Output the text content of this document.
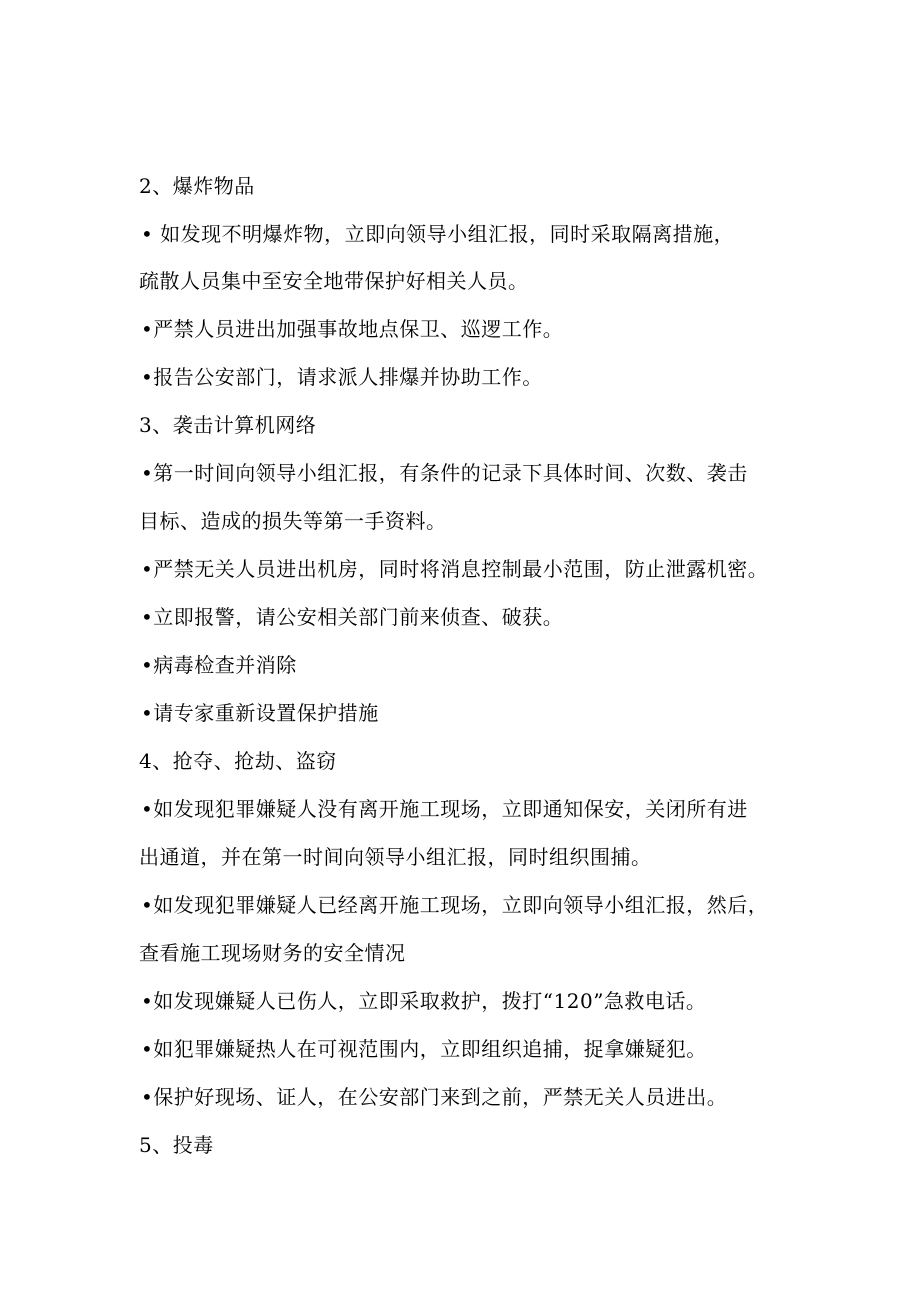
2、爆炸物品
• 如发现不明爆炸物，立即向领导小组汇报，同时采取隔离措施，
疏散人员集中至安全地带保护好相关人员。
•严禁人员进出加强事故地点保卫、巡逻工作。
•报告公安部门，请求派人排爆并协助工作。
3、袭击计算机网络
•第一时间向领导小组汇报，有条件的记录下具体时间、次数、袭击
目标、造成的损失等第一手资料。
•严禁无关人员进出机房，同时将消息控制最小范围，防止泄露机密。
•立即报警，请公安相关部门前来侦查、破获。
•病毒检查并消除
•请专家重新设置保护措施
4、抢夺、抢劫、盗窃
•如发现犯罪嫌疑人没有离开施工现场，立即通知保安，关闭所有进
出通道，并在第一时间向领导小组汇报，同时组织围捕。
•如发现犯罪嫌疑人已经离开施工现场，立即向领导小组汇报，然后，
查看施工现场财务的安全情况
•如发现嫌疑人已伤人，立即采取救护，拨打“120”急救电话。
•如犯罪嫌疑热人在可视范围内，立即组织追捕，捉拿嫌疑犯。
•保护好现场、证人，在公安部门来到之前，严禁无关人员进出。
5、投毒
